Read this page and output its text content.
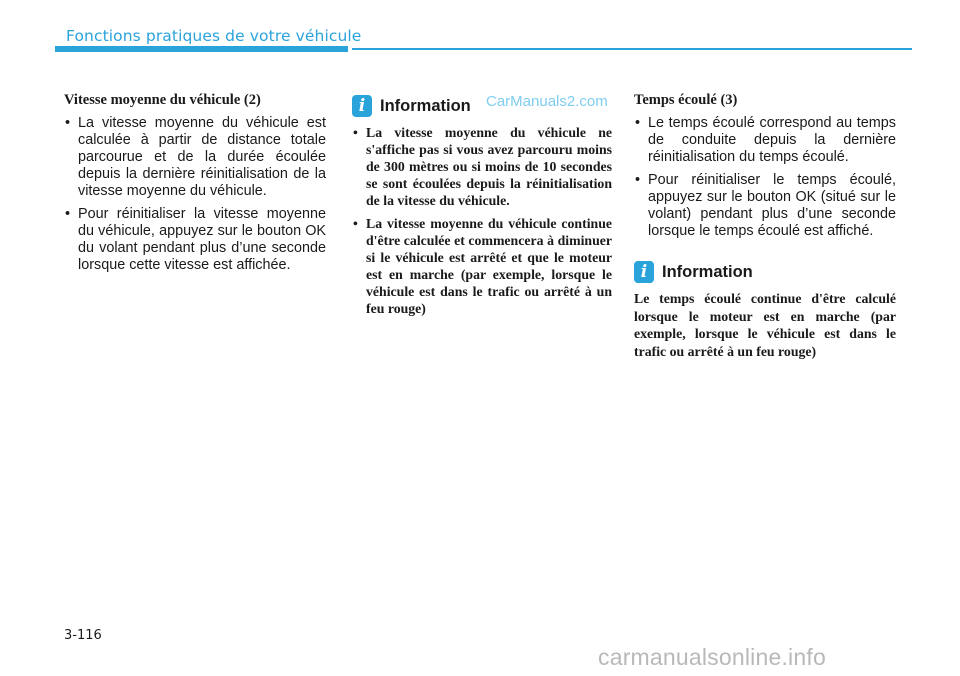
Fonctions pratiques de votre véhicule
Vitesse moyenne du véhicule (2)
• La vitesse moyenne du véhicule est calculée à partir de distance totale parcourue et de la durée écoulée depuis la dernière réinitialisation de la vitesse moyenne du véhicule.
• Pour réinitialiser la vitesse moyenne du véhicule, appuyez sur le bouton OK du volant pendant plus d’une seconde lorsque cette vitesse est affichée.
i Information
• La vitesse moyenne du véhicule ne s'affiche pas si vous avez parcouru moins de 300 mètres ou si moins de 10 secondes se sont écoulées depuis la réinitialisation de la vitesse du véhicule.
• La vitesse moyenne du véhicule continue d'être calculée et commencera à diminuer si le véhicule est arrêté et que le moteur est en marche (par exemple, lorsque le véhicule est dans le trafic ou arrêté à un feu rouge)
CarManuals2.com Temps écoulé (3)
• Le temps écoulé correspond au temps de conduite depuis la dernière réinitialisation du temps écoulé.
• Pour réinitialiser le temps écoulé, appuyez sur le bouton OK (situé sur le volant) pendant plus d’une seconde lorsque le temps écoulé est affiché.
i Information

Le temps écoulé continue d'être calculé lorsque le moteur est en marche (par exemple, lorsque le véhicule est dans le trafic ou arrêté à un feu rouge)

3-116
carmanualsonline.info
